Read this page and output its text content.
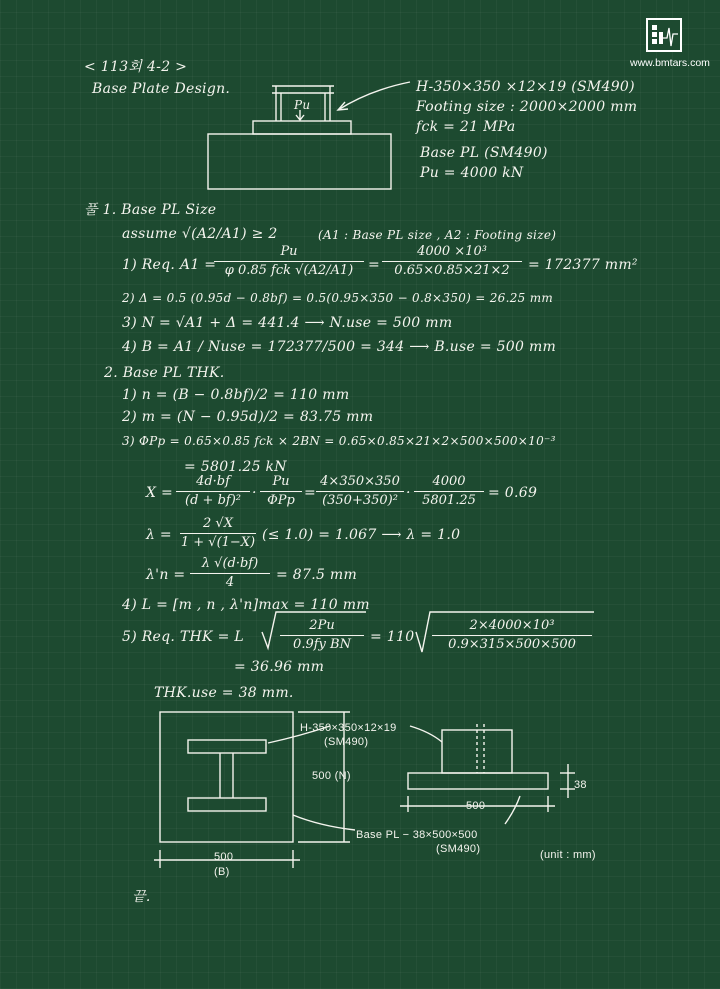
www.bmtars.com
< 113회 4-2 >
Base Plate Design.
Pu
H-350×350 ×12×19 (SM490)
Footing size : 2000×2000 mm
fck = 21 MPa
Base PL (SM490)
Pu = 4000 kN
풀 1. Base PL Size
assume √(A2/A1) ≥ 2	(A1 : Base PL size , A2 : Footing size)
1) Req. A1 =
Pu
φ 0.85 fck √(A2/A1)	=
4000 ×10³
0.65×0.85×21×2	= 172377 mm²
2) Δ = 0.5 (0.95d − 0.8bf) = 0.5(0.95×350 − 0.8×350) = 26.25 mm
3) N = √A1 + Δ = 441.4 ⟶ N.use = 500 mm
4) B = A1 / Nuse = 172377/500 = 344 ⟶ B.use = 500 mm
2. Base PL THK.
1) n = (B − 0.8bf)/2 = 110 mm
2) m = (N − 0.95d)/2 = 83.75 mm
3) ΦPp = 0.65×0.85 fck × 2BN = 0.65×0.85×21×2×500×500×10⁻³
= 5801.25 kN
X =
4d·bf
(d + bf)² ·
Pu
ΦPp =
4×350×350
(350+350)² ·
4000
5801.25 = 0.69
λ =
2 √X
1 + √(1−X) (≤ 1.0) = 1.067 ⟶ λ = 1.0
λ'n =
λ √(d·bf)
4	= 87.5 mm
4) L = [m , n , λ'n]max = 110 mm
5) Req. THK = L
2Pu
0.9fy BN	= 110
2×4000×10³
0.9×315×500×500
= 36.96 mm
THK.use = 38 mm.
H-350×350×12×19
(SM490)
500 (N)
500
(B)
500
38
Base PL − 38×500×500
(SM490)	(unit : mm)
끝.
